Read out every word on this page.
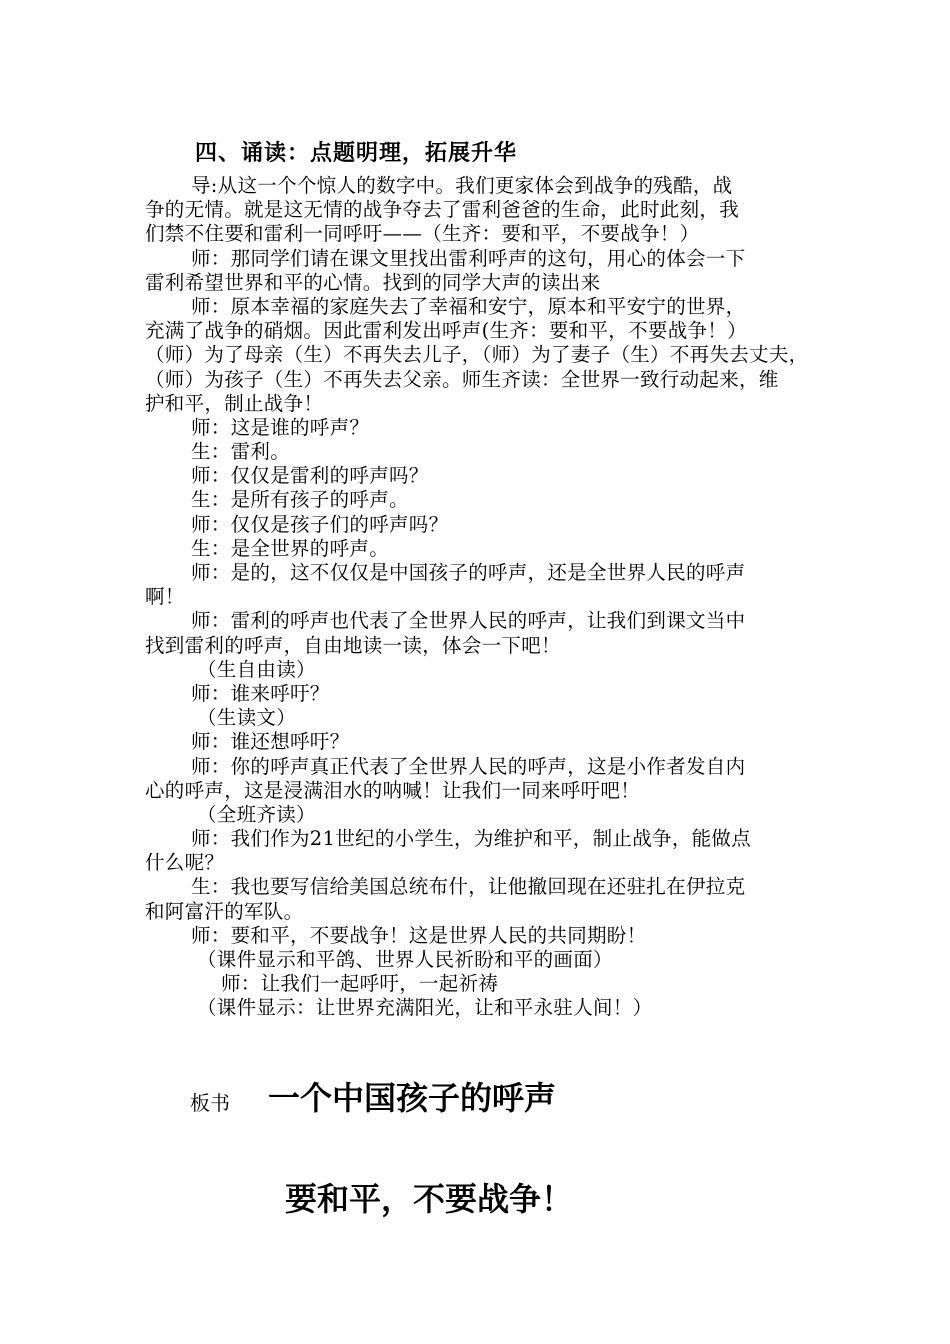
四、诵读：点题明理，拓展升华
导:从这一个个惊人的数字中。我们更家体会到战争的残酷，战
争的无情。就是这无情的战争夺去了雷利爸爸的生命，此时此刻，我
们禁不住要和雷利一同呼吁——（生齐：要和平，不要战争！）
师：那同学们请在课文里找出雷利呼声的这句，用心的体会一下
雷利希望世界和平的心情。找到的同学大声的读出来
师：原本幸福的家庭失去了幸福和安宁，原本和平安宁的世界，
充满了战争的硝烟。因此雷利发出呼声(生齐：要和平，不要战争！）
（师）为了母亲（生）不再失去儿子，（师）为了妻子（生）不再失去丈夫，
（师）为孩子（生）不再失去父亲。师生齐读：全世界一致行动起来，维
护和平，制止战争！
师：这是谁的呼声？
生：雷利。
师：仅仅是雷利的呼声吗？
生：是所有孩子的呼声。
师：仅仅是孩子们的呼声吗？
生：是全世界的呼声。
师：是的，这不仅仅是中国孩子的呼声，还是全世界人民的呼声
啊！
师：雷利的呼声也代表了全世界人民的呼声，让我们到课文当中
找到雷利的呼声，自由地读一读，体会一下吧！
（生自由读）
师：谁来呼吁？
（生读文）
师：谁还想呼吁？
师：你的呼声真正代表了全世界人民的呼声，这是小作者发自内
心的呼声，这是浸满泪水的呐喊！让我们一同来呼吁吧！
（全班齐读）
师：我们作为21世纪的小学生，为维护和平，制止战争，能做点
什么呢？
生：我也要写信给美国总统布什，让他撤回现在还驻扎在伊拉克
和阿富汗的军队。
师：要和平，不要战争！这是世界人民的共同期盼！
（课件显示和平鸽、世界人民祈盼和平的画面）
师：让我们一起呼吁，一起祈祷
（课件显示：让世界充满阳光，让和平永驻人间！）
板书 一个中国孩子的呼声
要和平，不要战争！
